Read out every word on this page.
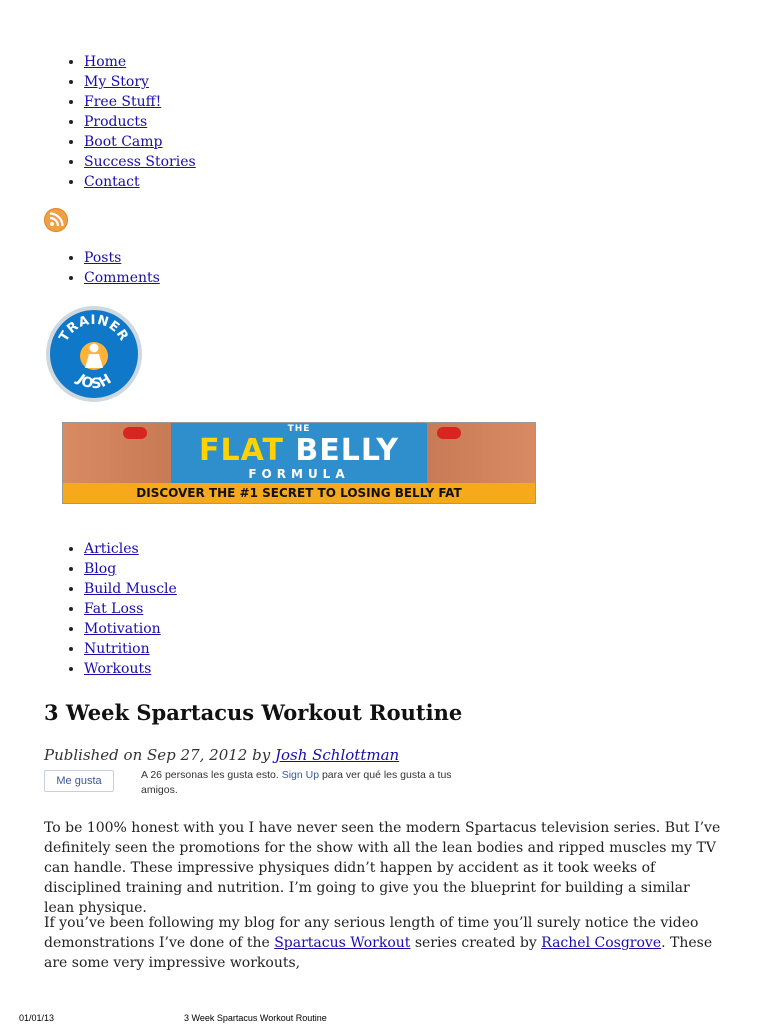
• Home
• My Story
• Free Stuff!
• Products
• Boot Camp
• Success Stories
• Contact
• Posts
• Comments
TRAINER
JOSH
THE
FLAT BELLY
FORMULA
DISCOVER THE #1 SECRET TO LOSING BELLY FAT
• Articles
• Blog
• Build Muscle
• Fat Loss
• Motivation
• Nutrition
• Workouts
3 Week Spartacus Workout Routine

Published on Sep 27, 2012 by Josh Schlottman

Me gusta	A 26 personas les gusta esto. Sign Up para ver qué les gusta a tus amigos.

To be 100% honest with you I have never seen the modern Spartacus television series. But I’ve definitely seen the promotions for the show with all the lean bodies and ripped muscles my TV can handle. These impressive physiques didn’t happen by accident as it took weeks of disciplined training and nutrition. I’m going to give you the blueprint for building a similar lean physique.

If you’ve been following my blog for any serious length of time you’ll surely notice the video demonstrations I’ve done of the Spartacus Workout series created by Rachel Cosgrove. These are some very impressive workouts,

01/01/13	3 Week Spartacus Workout Routine
